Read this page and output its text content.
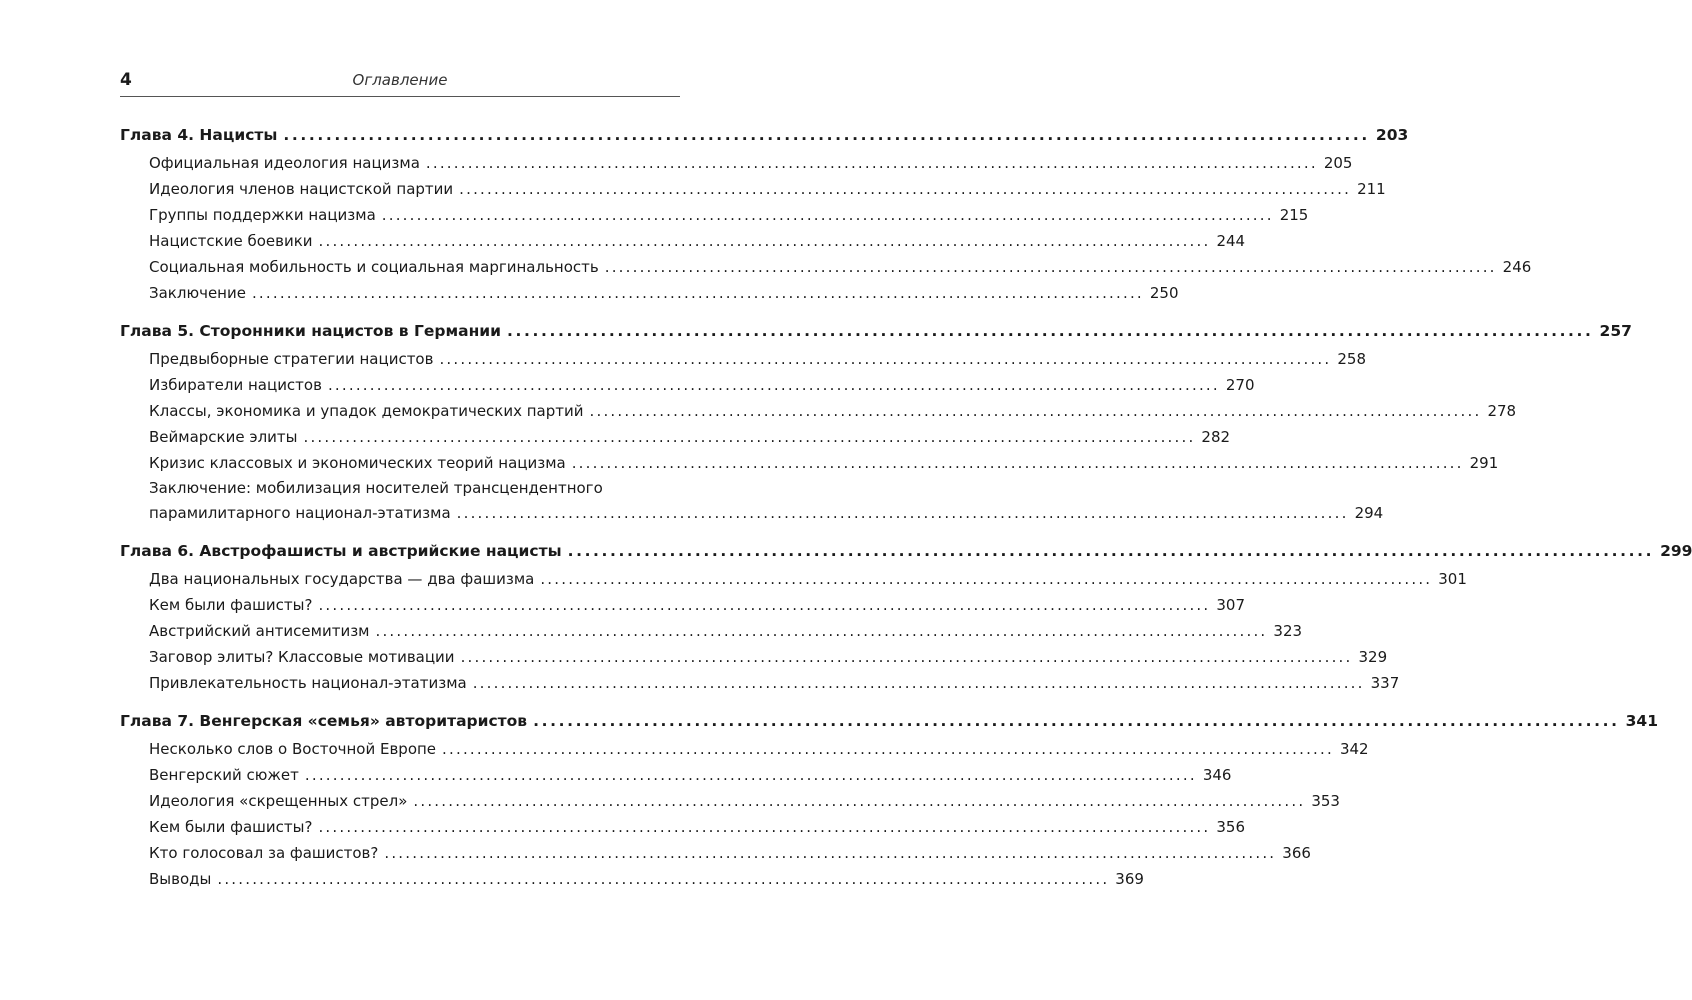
4	Оглавление
Глава 4. Нацисты ................................................................................................................................ 203
Официальная идеология нацизма ................................................................................................................................ 205
Идеология членов нацистской партии ................................................................................................................................ 211
Группы поддержки нацизма ................................................................................................................................ 215
Нацистские боевики ................................................................................................................................ 244
Социальная мобильность и социальная маргинальность ................................................................................................................................ 246
Заключение ................................................................................................................................ 250
Глава 5. Сторонники нацистов в Германии ................................................................................................................................ 257
Предвыборные стратегии нацистов ................................................................................................................................ 258
Избиратели нацистов ................................................................................................................................ 270
Классы, экономика и упадок демократических партий ................................................................................................................................ 278
Веймарские элиты ................................................................................................................................ 282
Кризис классовых и экономических теорий нацизма ................................................................................................................................ 291
Заключение: мобилизация носителей трансцендентного
парамилитарного национал-этатизма ................................................................................................................................ 294
Глава 6. Австрофашисты и австрийские нацисты ................................................................................................................................ 299
Два национальных государства — два фашизма ................................................................................................................................ 301
Кем были фашисты? ................................................................................................................................ 307
Австрийский антисемитизм ................................................................................................................................ 323
Заговор элиты? Классовые мотивации ................................................................................................................................ 329
Привлекательность национал-этатизма ................................................................................................................................ 337
Глава 7. Венгерская «семья» авторитаристов ................................................................................................................................ 341
Несколько слов о Восточной Европе ................................................................................................................................ 342
Венгерский сюжет ................................................................................................................................ 346
Идеология «скрещенных стрел» ................................................................................................................................ 353
Кем были фашисты? ................................................................................................................................ 356
Кто голосовал за фашистов? ................................................................................................................................ 366
Выводы ................................................................................................................................ 369
